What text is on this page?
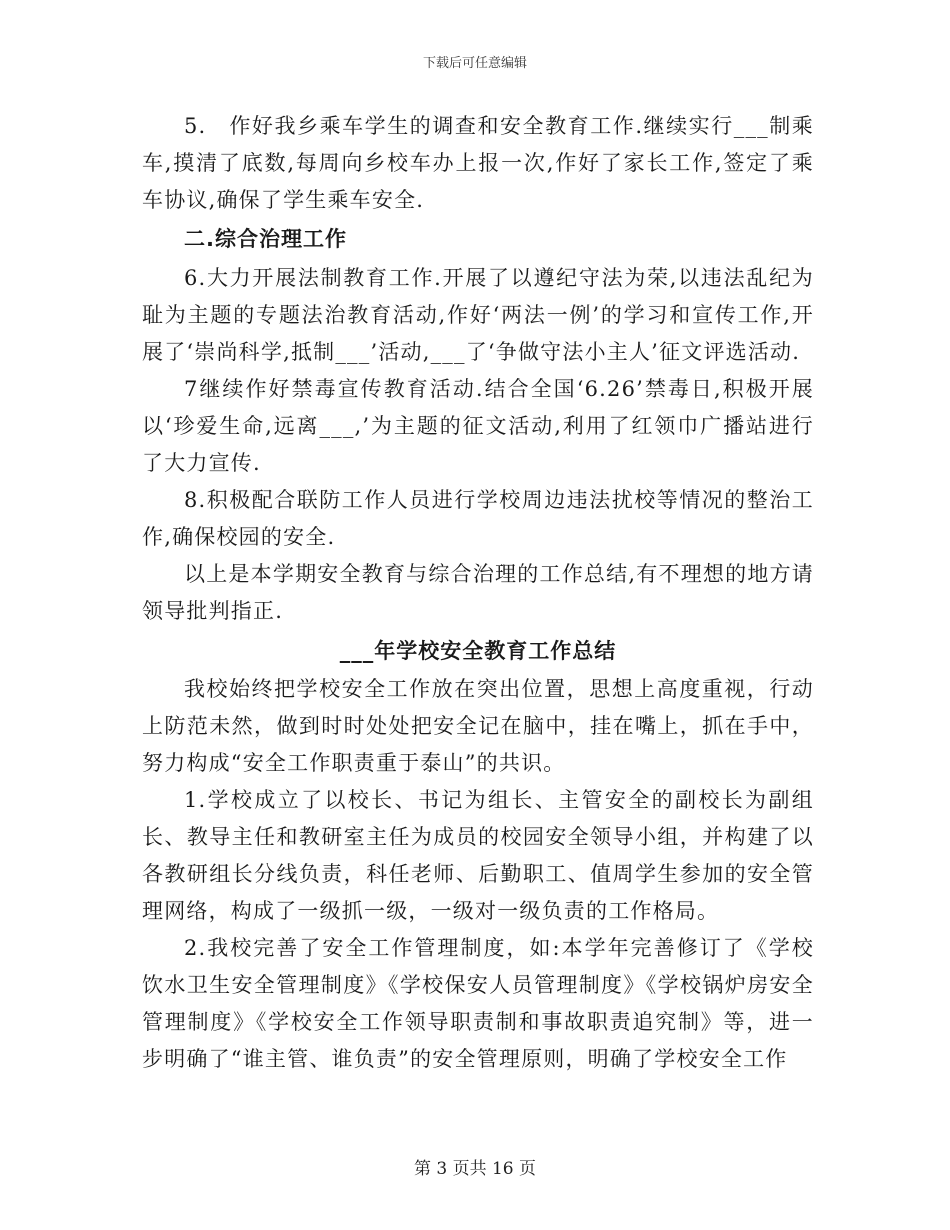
下载后可任意编辑

5.　作好我乡乘车学生的调查和安全教育工作.继续实行___制乘车,摸清了底数,每周向乡校车办上报一次,作好了家长工作,签定了乘车协议,确保了学生乘车安全.

二.综合治理工作

6.大力开展法制教育工作.开展了以遵纪守法为荣,以违法乱纪为耻为主题的专题法治教育活动,作好‘两法一例’的学习和宣传工作,开展了‘崇尚科学,抵制___’活动,___了‘争做守法小主人’征文评选活动.

7继续作好禁毒宣传教育活动.结合全国‘6.26’禁毒日,积极开展以‘珍爱生命,远离___,’为主题的征文活动,利用了红领巾广播站进行了大力宣传.

8.积极配合联防工作人员进行学校周边违法扰校等情况的整治工作,确保校园的安全.

以上是本学期安全教育与综合治理的工作总结,有不理想的地方请领导批判指正.

___年学校安全教育工作总结

我校始终把学校安全工作放在突出位置，思想上高度重视，行动上防范未然，做到时时处处把安全记在脑中，挂在嘴上，抓在手中，努力构成“安全工作职责重于泰山”的共识。

1.学校成立了以校长、书记为组长、主管安全的副校长为副组长、教导主任和教研室主任为成员的校园安全领导小组，并构建了以各教研组长分线负责，科任老师、后勤职工、值周学生参加的安全管理网络，构成了一级抓一级，一级对一级负责的工作格局。

2.我校完善了安全工作管理制度，如:本学年完善修订了《学校饮水卫生安全管理制度》《学校保安人员管理制度》《学校锅炉房安全管理制度》《学校安全工作领导职责制和事故职责追究制》等，进一步明确了“谁主管、谁负责”的安全管理原则，明确了学校安全工作

第 3 页共 16 页
